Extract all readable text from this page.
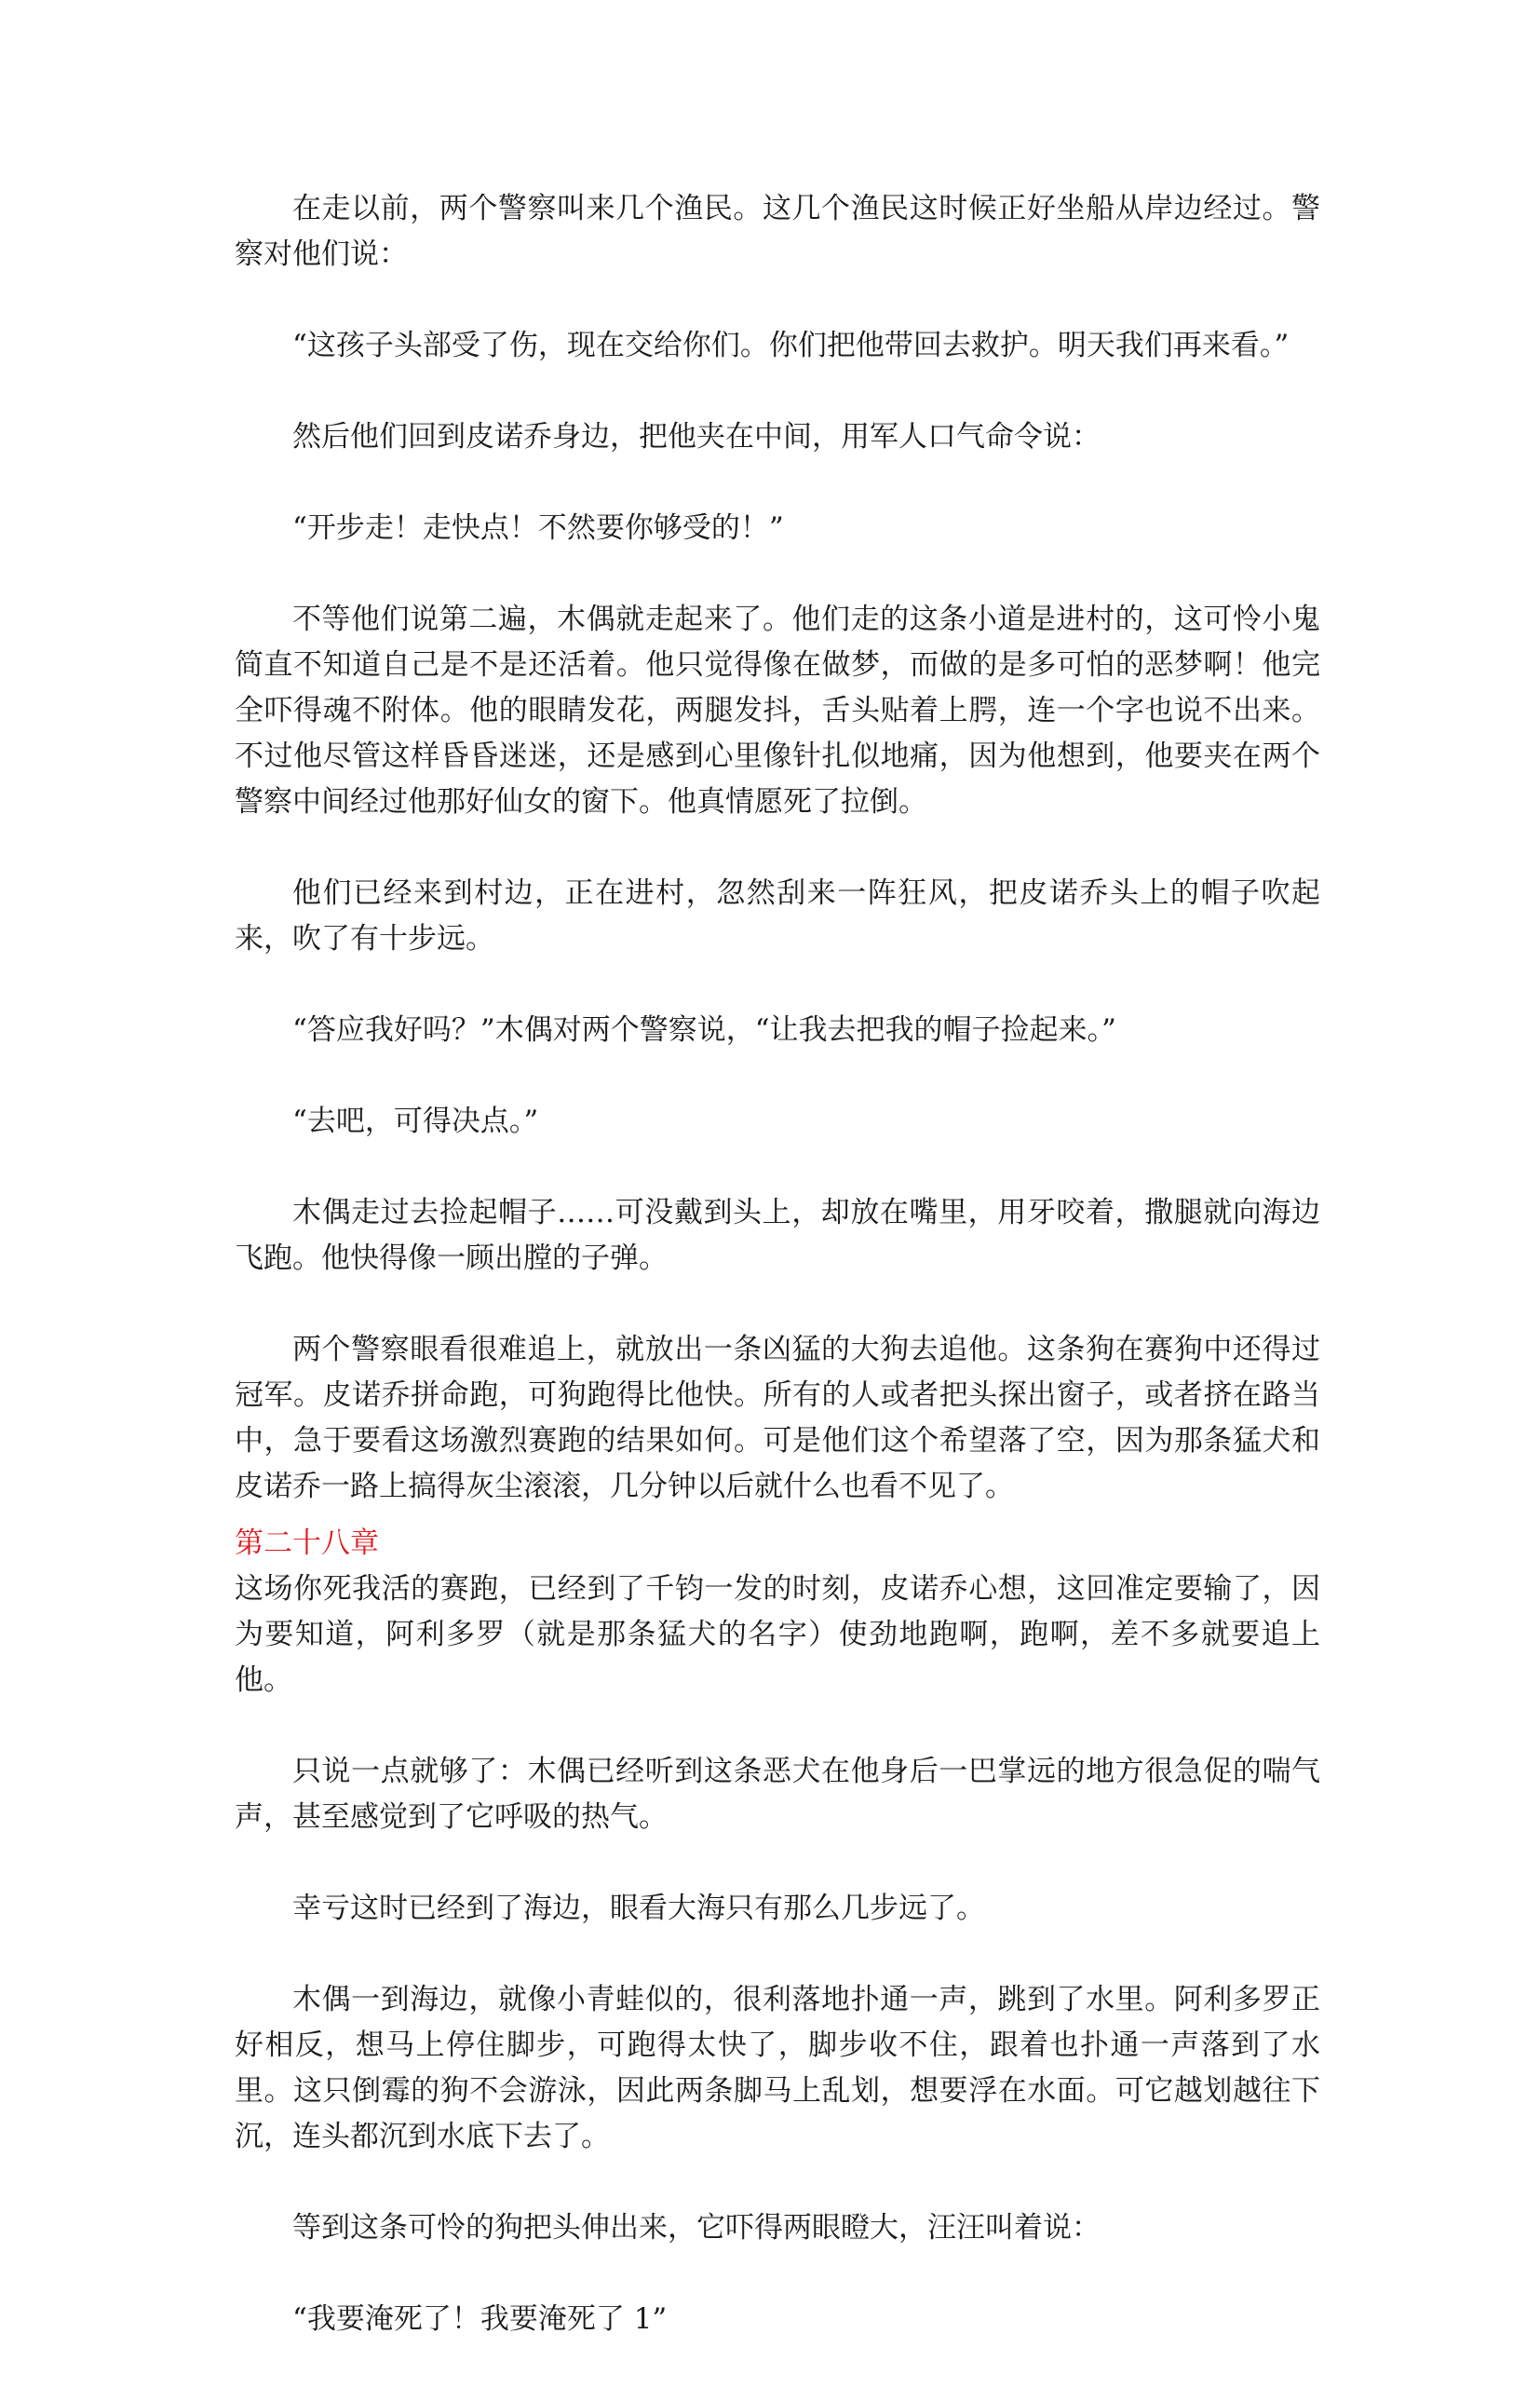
在走以前，两个警察叫来几个渔民。这几个渔民这时候正好坐船从岸边经过。警察对他们说：

“这孩子头部受了伤，现在交给你们。你们把他带回去救护。明天我们再来看。”

然后他们回到皮诺乔身边，把他夹在中间，用军人口气命令说：

“开步走！走快点！不然要你够受的！”

不等他们说第二遍，木偶就走起来了。他们走的这条小道是进村的，这可怜小鬼简直不知道自己是不是还活着。他只觉得像在做梦，而做的是多可怕的恶梦啊！他完全吓得魂不附体。他的眼睛发花，两腿发抖，舌头贴着上腭，连一个字也说不出来。不过他尽管这样昏昏迷迷，还是感到心里像针扎似地痛，因为他想到，他要夹在两个警察中间经过他那好仙女的窗下。他真情愿死了拉倒。

他们已经来到村边，正在进村，忽然刮来一阵狂风，把皮诺乔头上的帽子吹起来，吹了有十步远。

“答应我好吗？”木偶对两个警察说，“让我去把我的帽子捡起来。”

“去吧，可得决点。”

木偶走过去捡起帽子……可没戴到头上，却放在嘴里，用牙咬着，撒腿就向海边飞跑。他快得像一顾出膛的子弹。

两个警察眼看很难追上，就放出一条凶猛的大狗去追他。这条狗在赛狗中还得过冠军。皮诺乔拼命跑，可狗跑得比他快。所有的人或者把头探出窗子，或者挤在路当中，急于要看这场激烈赛跑的结果如何。可是他们这个希望落了空，因为那条猛犬和皮诺乔一路上搞得灰尘滚滚，几分钟以后就什么也看不见了。

第二十八章

这场你死我活的赛跑，已经到了千钧一发的时刻，皮诺乔心想，这回准定要输了，因为要知道，阿利多罗（就是那条猛犬的名字）使劲地跑啊，跑啊，差不多就要追上他。

只说一点就够了：木偶已经听到这条恶犬在他身后一巴掌远的地方很急促的喘气声，甚至感觉到了它呼吸的热气。

幸亏这时已经到了海边，眼看大海只有那么几步远了。

木偶一到海边，就像小青蛙似的，很利落地扑通一声，跳到了水里。阿利多罗正好相反，想马上停住脚步，可跑得太快了，脚步收不住，跟着也扑通一声落到了水里。这只倒霉的狗不会游泳，因此两条脚马上乱划，想要浮在水面。可它越划越往下沉，连头都沉到水底下去了。

等到这条可怜的狗把头伸出来，它吓得两眼瞪大，汪汪叫着说：

“我要淹死了！我要淹死了 1”
